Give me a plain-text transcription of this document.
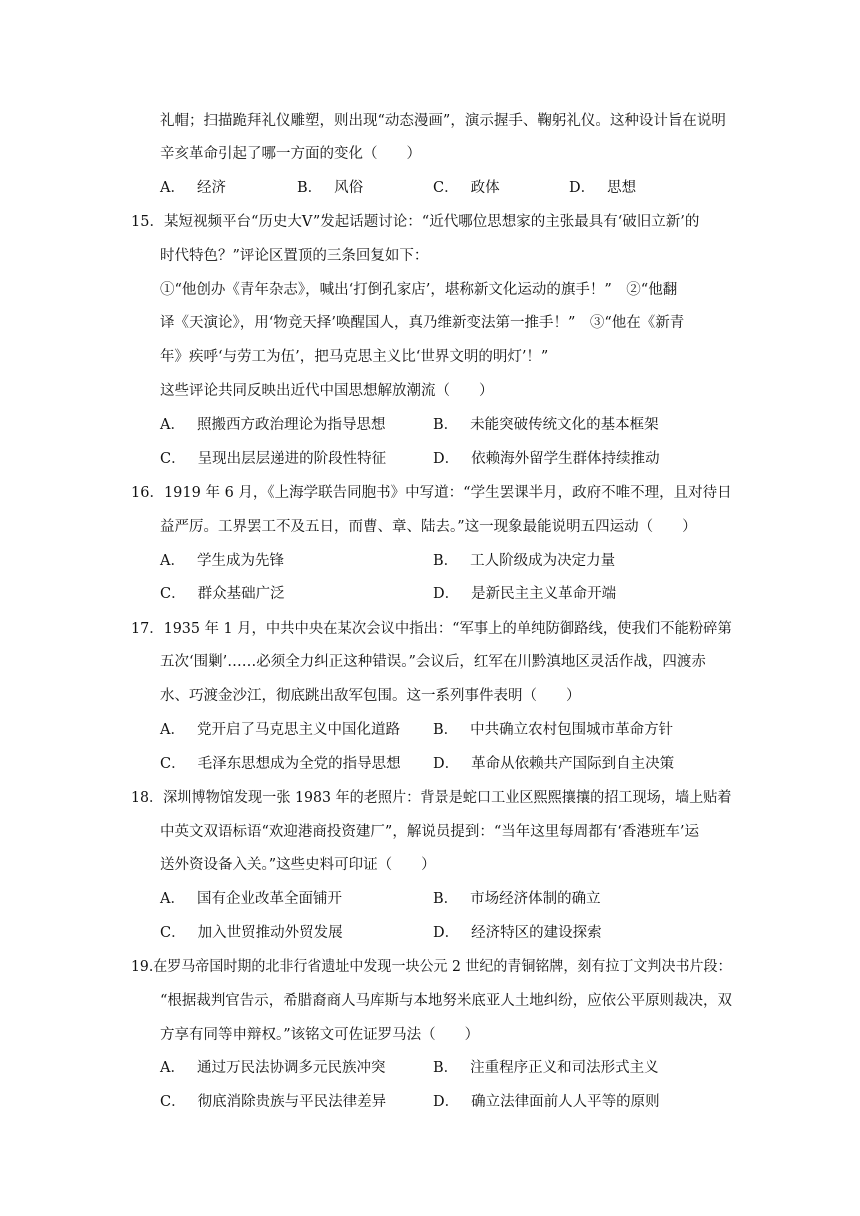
礼帽；扫描跪拜礼仪雕塑，则出现“动态漫画”，演示握手、鞠躬礼仪。这种设计旨在说明
辛亥革命引起了哪一方面的变化（　　）
A． 经济	B． 风俗	C． 政体	D． 思想
15．某短视频平台“历史大V”发起话题讨论：“近代哪位思想家的主张最具有‘破旧立新’的
时代特色？”评论区置顶的三条回复如下：
①“他创办《青年杂志》，喊出‘打倒孔家店’，堪称新文化运动的旗手！”　②“他翻
译《天演论》，用‘物竞天择’唤醒国人，真乃维新变法第一推手！”　③“他在《新青
年》疾呼‘与劳工为伍’，把马克思主义比‘世界文明的明灯’！”
这些评论共同反映出近代中国思想解放潮流（　　）
A． 照搬西方政治理论为指导思想	B． 未能突破传统文化的基本框架
C． 呈现出层层递进的阶段性特征	D． 依赖海外留学生群体持续推动
16．1919 年 6 月，《上海学联告同胞书》中写道：“学生罢课半月，政府不唯不理，且对待日
益严厉。工界罢工不及五日，而曹、章、陆去。”这一现象最能说明五四运动（　　）
A． 学生成为先锋	B． 工人阶级成为决定力量
C． 群众基础广泛	D． 是新民主主义革命开端
17．1935 年 1 月，中共中央在某次会议中指出：“军事上的单纯防御路线，使我们不能粉碎第
五次‘围剿’……必须全力纠正这种错误。”会议后，红军在川黔滇地区灵活作战，四渡赤
水、巧渡金沙江，彻底跳出敌军包围。这一系列事件表明（　　）
A． 党开启了马克思主义中国化道路 B． 中共确立农村包围城市革命方针
C． 毛泽东思想成为全党的指导思想 D． 革命从依赖共产国际到自主决策
18．深圳博物馆发现一张 1983 年的老照片：背景是蛇口工业区熙熙攘攘的招工现场，墙上贴着
中英文双语标语“欢迎港商投资建厂”，解说员提到：“当年这里每周都有‘香港班车’运
送外资设备入关。”这些史料可印证（　　）
A． 国有企业改革全面铺开	B． 市场经济体制的确立
C． 加入世贸推动外贸发展	D． 经济特区的建设探索
19.在罗马帝国时期的北非行省遗址中发现一块公元 2 世纪的青铜铭牌，刻有拉丁文判决书片段：
“根据裁判官告示，希腊裔商人马库斯与本地努米底亚人土地纠纷，应依公平原则裁决，双
方享有同等申辩权。”该铭文可佐证罗马法（　　）
A． 通过万民法协调多元民族冲突	B． 注重程序正义和司法形式主义
C． 彻底消除贵族与平民法律差异	D． 确立法律面前人人平等的原则
